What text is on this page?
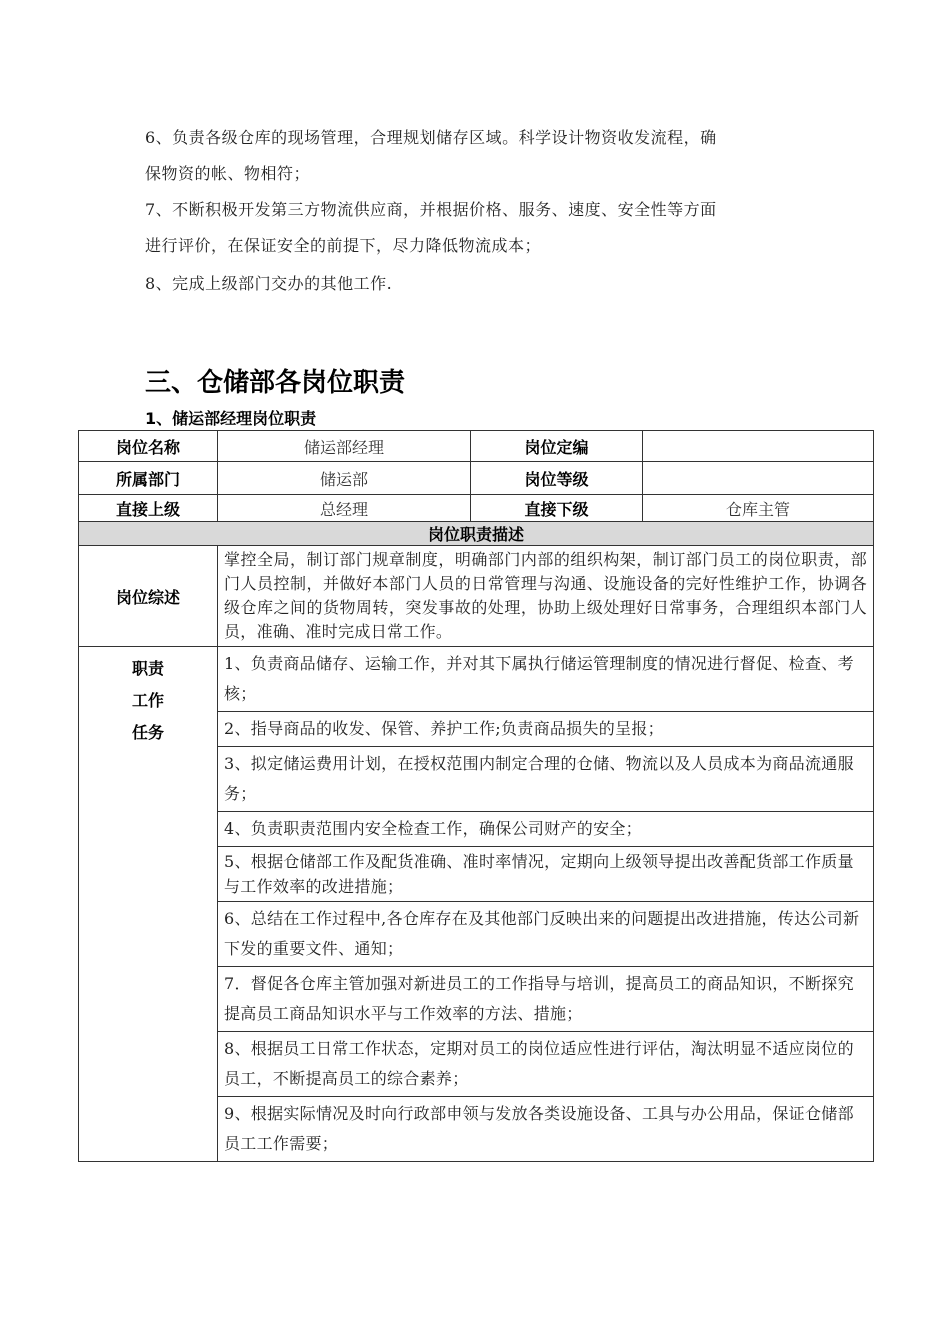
6、负责各级仓库的现场管理，合理规划储存区域。科学设计物资收发流程，确
保物资的帐、物相符；
7、不断积极开发第三方物流供应商，并根据价格、服务、速度、安全性等方面
进行评价，在保证安全的前提下，尽力降低物流成本；
8、完成上级部门交办的其他工作.
三、仓储部各岗位职责
1、储运部经理岗位职责
岗位名称	储运部经理	岗位定编	
所属部门	储运部	岗位等级	
直接上级	总经理	直接下级	仓库主管
岗位职责描述			
岗位综述	掌控全局，制订部门规章制度，明确部门内部的组织构架，制订部门员工的岗位职责，部门人员控制，并做好本部门人员的日常管理与沟通、设施设备的完好性维护工作，协调各级仓库之间的货物周转，突发事故的处理，协助上级处理好日常事务，合理组织本部门人员，准确、准时完成日常工作。		

职责
工作
任务	1、负责商品储存、运输工作，并对其下属执行储运管理制度的情况进行督促、检查、考核；		
	2、指导商品的收发、保管、养护工作;负责商品损失的呈报；		
	3、拟定储运费用计划，在授权范围内制定合理的仓储、物流以及人员成本为商品流通服务；		
	4、负责职责范围内安全检查工作，确保公司财产的安全；		
	5、根据仓储部工作及配货准确、准时率情况，定期向上级领导提出改善配货部工作质量与工作效率的改进措施；		
	6、总结在工作过程中,各仓库存在及其他部门反映出来的问题提出改进措施，传达公司新下发的重要文件、通知；		
	7．督促各仓库主管加强对新进员工的工作指导与培训，提高员工的商品知识，不断探究提高员工商品知识水平与工作效率的方法、措施；		
	8、根据员工日常工作状态，定期对员工的岗位适应性进行评估，淘汰明显不适应岗位的员工，不断提高员工的综合素养；		
	9、根据实际情况及时向行政部申领与发放各类设施设备、工具与办公用品，保证仓储部员工工作需要；		
